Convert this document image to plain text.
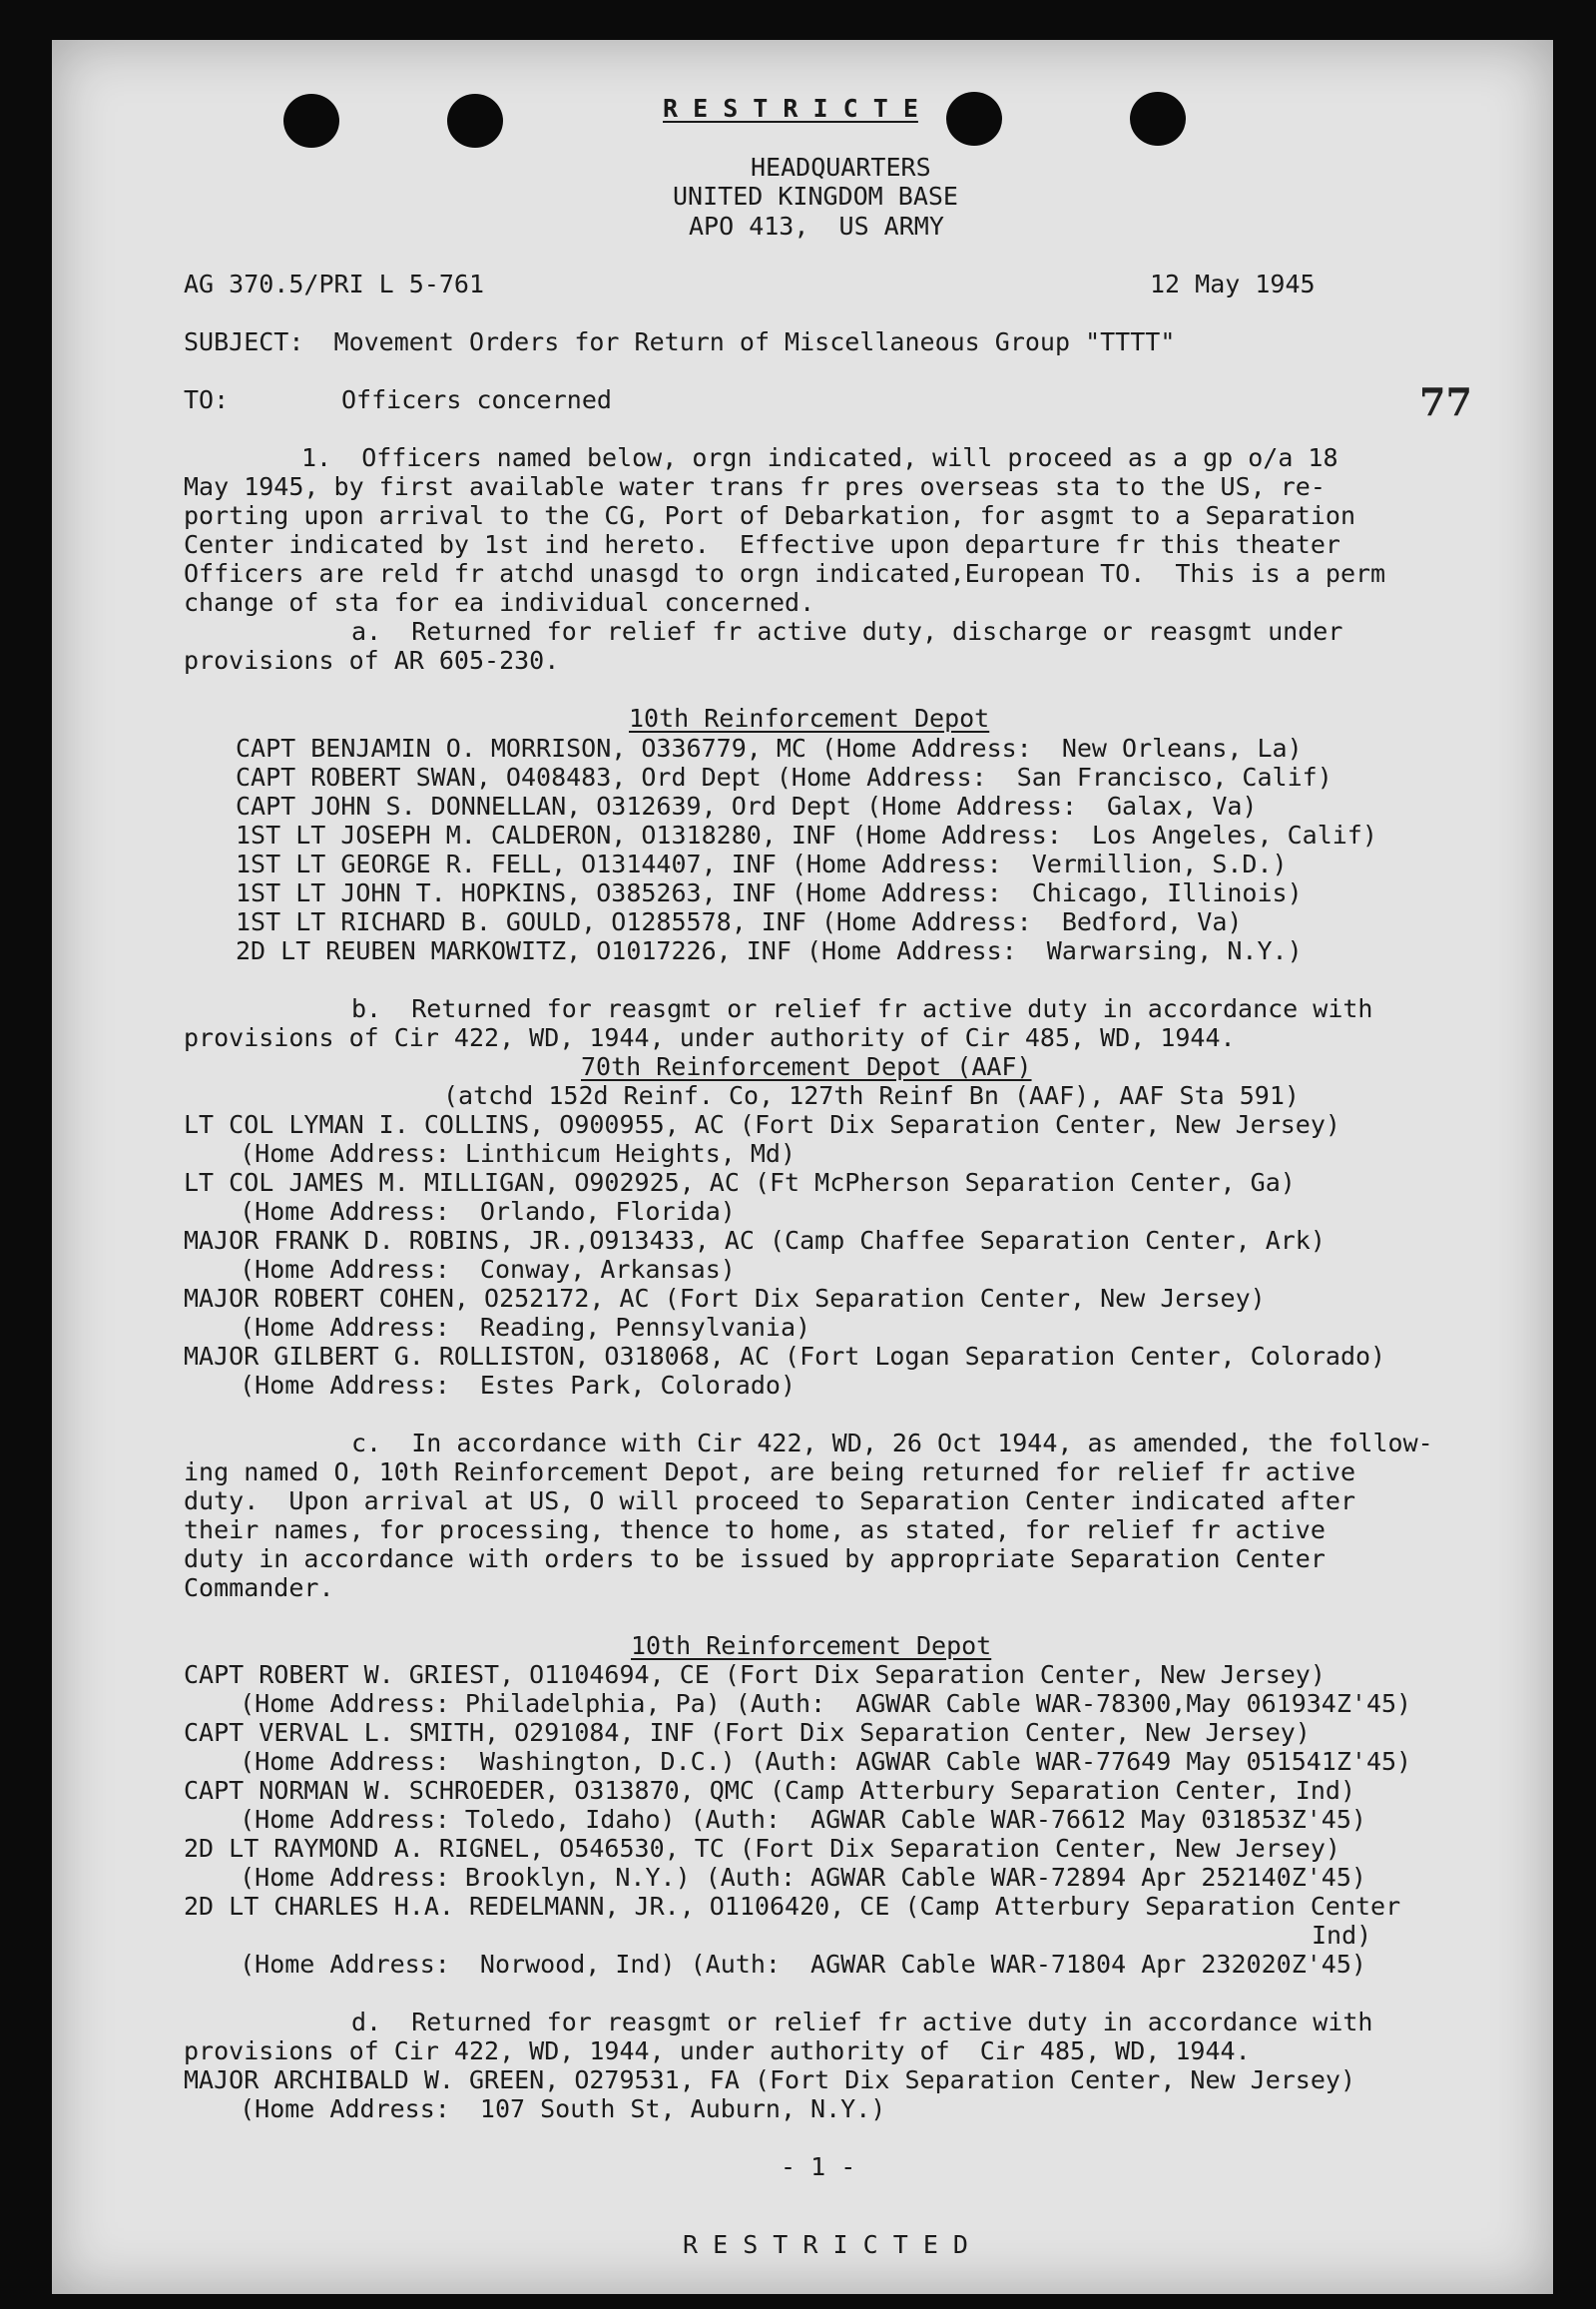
R E S T R I C T E
HEADQUARTERS
UNITED KINGDOM BASE
APO 413,  US ARMY
AG 370.5/PRI L 5-761	12 May 1945
SUBJECT:  Movement Orders for Return of Miscellaneous Group "TTTT"
TO:	Officers concerned	77
1.  Officers named below, orgn indicated, will proceed as a gp o/a 18
May 1945, by first available water trans fr pres overseas sta to the US, re-
porting upon arrival to the CG, Port of Debarkation, for asgmt to a Separation
Center indicated by 1st ind hereto.  Effective upon departure fr this theater
Officers are reld fr atchd unasgd to orgn indicated,European TO.  This is a perm
change of sta for ea individual concerned.
a.  Returned for relief fr active duty, discharge or reasgmt under
provisions of AR 605-230.
10th Reinforcement Depot
CAPT BENJAMIN O. MORRISON, O336779, MC (Home Address:  New Orleans, La)
CAPT ROBERT SWAN, O408483, Ord Dept (Home Address:  San Francisco, Calif)
CAPT JOHN S. DONNELLAN, O312639, Ord Dept (Home Address:  Galax, Va)
1ST LT JOSEPH M. CALDERON, O1318280, INF (Home Address:  Los Angeles, Calif)
1ST LT GEORGE R. FELL, O1314407, INF (Home Address:  Vermillion, S.D.)
1ST LT JOHN T. HOPKINS, O385263, INF (Home Address:  Chicago, Illinois)
1ST LT RICHARD B. GOULD, O1285578, INF (Home Address:  Bedford, Va)
2D LT REUBEN MARKOWITZ, O1017226, INF (Home Address:  Warwarsing, N.Y.)
b.  Returned for reasgmt or relief fr active duty in accordance with
provisions of Cir 422, WD, 1944, under authority of Cir 485, WD, 1944.
70th Reinforcement Depot (AAF)
(atchd 152d Reinf. Co, 127th Reinf Bn (AAF), AAF Sta 591)
LT COL LYMAN I. COLLINS, O900955, AC (Fort Dix Separation Center, New Jersey)
(Home Address: Linthicum Heights, Md)
LT COL JAMES M. MILLIGAN, O902925, AC (Ft McPherson Separation Center, Ga)
(Home Address:  Orlando, Florida)
MAJOR FRANK D. ROBINS, JR.,O913433, AC (Camp Chaffee Separation Center, Ark)
(Home Address:  Conway, Arkansas)
MAJOR ROBERT COHEN, O252172, AC (Fort Dix Separation Center, New Jersey)
(Home Address:  Reading, Pennsylvania)
MAJOR GILBERT G. ROLLISTON, O318068, AC (Fort Logan Separation Center, Colorado)
(Home Address:  Estes Park, Colorado)
c.  In accordance with Cir 422, WD, 26 Oct 1944, as amended, the follow-
ing named O, 10th Reinforcement Depot, are being returned for relief fr active
duty.  Upon arrival at US, O will proceed to Separation Center indicated after
their names, for processing, thence to home, as stated, for relief fr active
duty in accordance with orders to be issued by appropriate Separation Center
Commander.
10th Reinforcement Depot
CAPT ROBERT W. GRIEST, O1104694, CE (Fort Dix Separation Center, New Jersey)
(Home Address: Philadelphia, Pa) (Auth:  AGWAR Cable WAR-78300,May 061934Z'45)
CAPT VERVAL L. SMITH, O291084, INF (Fort Dix Separation Center, New Jersey)
(Home Address:  Washington, D.C.) (Auth: AGWAR Cable WAR-77649 May 051541Z'45)
CAPT NORMAN W. SCHROEDER, O313870, QMC (Camp Atterbury Separation Center, Ind)
(Home Address: Toledo, Idaho) (Auth:  AGWAR Cable WAR-76612 May 031853Z'45)
2D LT RAYMOND A. RIGNEL, O546530, TC (Fort Dix Separation Center, New Jersey)
(Home Address: Brooklyn, N.Y.) (Auth: AGWAR Cable WAR-72894 Apr 252140Z'45)
2D LT CHARLES H.A. REDELMANN, JR., O1106420, CE (Camp Atterbury Separation Center
Ind)
(Home Address:  Norwood, Ind) (Auth:  AGWAR Cable WAR-71804 Apr 232020Z'45)
d.  Returned for reasgmt or relief fr active duty in accordance with
provisions of Cir 422, WD, 1944, under authority of  Cir 485, WD, 1944.
MAJOR ARCHIBALD W. GREEN, O279531, FA (Fort Dix Separation Center, New Jersey)
(Home Address:  107 South St, Auburn, N.Y.)
- 1 -
R E S T R I C T E D
